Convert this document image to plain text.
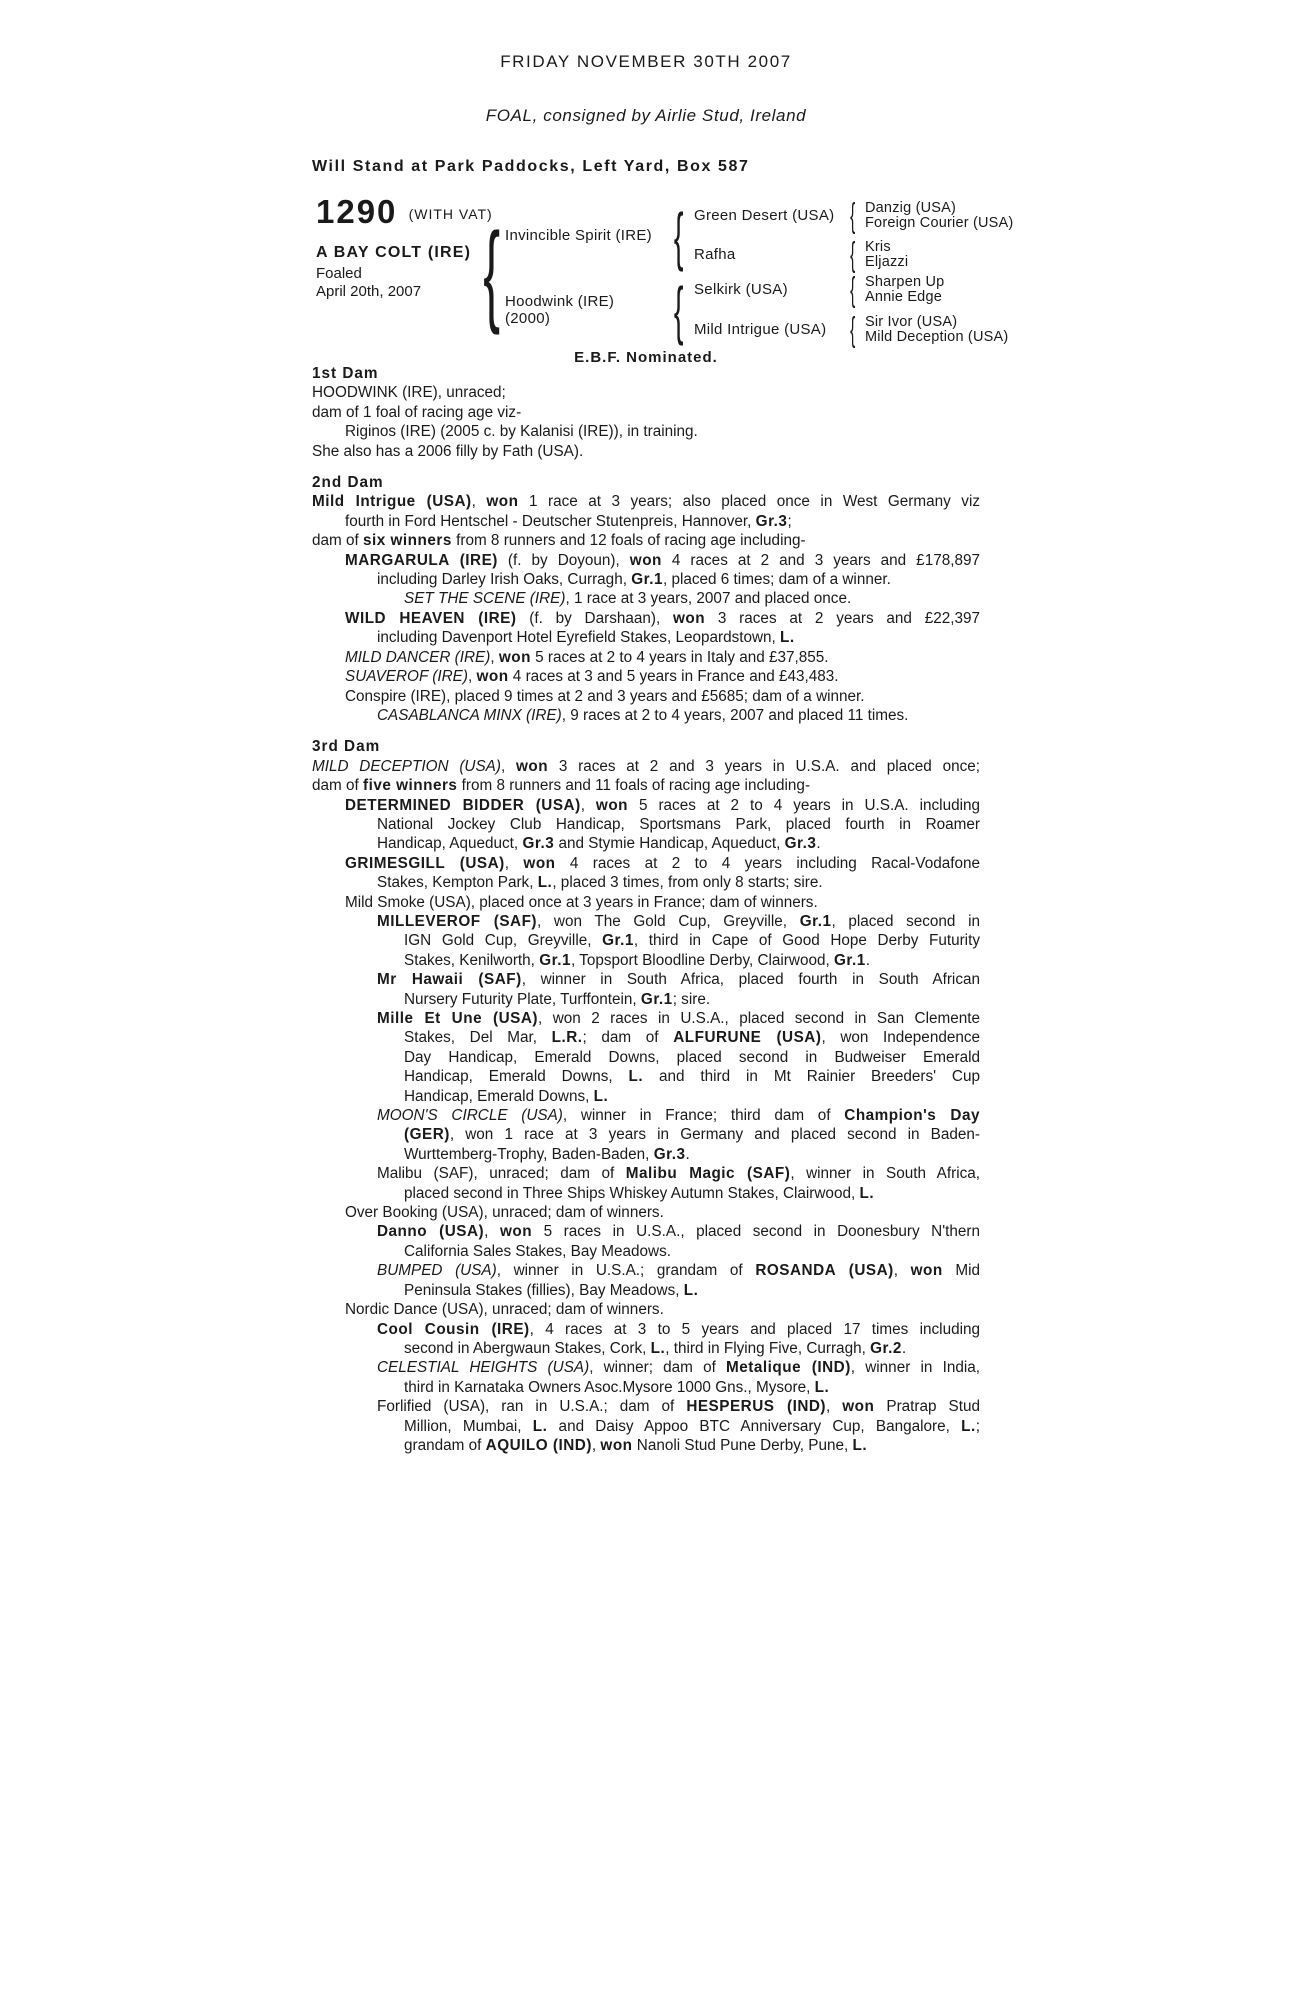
FRIDAY NOVEMBER 30TH 2007
FOAL, consigned by Airlie Stud, Ireland
Will Stand at Park Paddocks, Left Yard, Box 587
1290 (WITH VAT)
A BAY COLT (IRE)
Foaled
April 20th, 2007 { Invincible Spirit (IRE)
Hoodwink (IRE)
(2000)
{
{
Green Desert (USA)
Rafha
Selkirk (USA)
Mild Intrigue (USA)
{
{
{
{
Danzig (USA)
Foreign Courier (USA)
Kris
Eljazzi
Sharpen Up
Annie Edge
Sir Ivor (USA)
Mild Deception (USA)
E.B.F. Nominated.
1st Dam
HOODWINK (IRE), unraced;
dam of 1 foal of racing age viz-
Riginos (IRE) (2005 c. by Kalanisi (IRE)), in training.
She also has a 2006 filly by Fath (USA).
2nd Dam
Mild Intrigue (USA), won 1 race at 3 years; also placed once in West Germany viz
fourth in Ford Hentschel - Deutscher Stutenpreis, Hannover, Gr.3;
dam of six winners from 8 runners and 12 foals of racing age including-
MARGARULA (IRE) (f. by Doyoun), won 4 races at 2 and 3 years and £178,897
including Darley Irish Oaks, Curragh, Gr.1, placed 6 times; dam of a winner.
SET THE SCENE (IRE), 1 race at 3 years, 2007 and placed once.
WILD HEAVEN (IRE) (f. by Darshaan), won 3 races at 2 years and £22,397
including Davenport Hotel Eyrefield Stakes, Leopardstown, L.
MILD DANCER (IRE), won 5 races at 2 to 4 years in Italy and £37,855.
SUAVEROF (IRE), won 4 races at 3 and 5 years in France and £43,483.
Conspire (IRE), placed 9 times at 2 and 3 years and £5685; dam of a winner.
CASABLANCA MINX (IRE), 9 races at 2 to 4 years, 2007 and placed 11 times.
3rd Dam
MILD DECEPTION (USA), won 3 races at 2 and 3 years in U.S.A. and placed once;
dam of five winners from 8 runners and 11 foals of racing age including-
DETERMINED BIDDER (USA), won 5 races at 2 to 4 years in U.S.A. including
National Jockey Club Handicap, Sportsmans Park, placed fourth in Roamer
Handicap, Aqueduct, Gr.3 and Stymie Handicap, Aqueduct, Gr.3.
GRIMESGILL (USA), won 4 races at 2 to 4 years including Racal-Vodafone
Stakes, Kempton Park, L., placed 3 times, from only 8 starts; sire.
Mild Smoke (USA), placed once at 3 years in France; dam of winners.
MILLEVEROF (SAF), won The Gold Cup, Greyville, Gr.1, placed second in
IGN Gold Cup, Greyville, Gr.1, third in Cape of Good Hope Derby Futurity
Stakes, Kenilworth, Gr.1, Topsport Bloodline Derby, Clairwood, Gr.1.
Mr Hawaii (SAF), winner in South Africa, placed fourth in South African
Nursery Futurity Plate, Turffontein, Gr.1; sire.
Mille Et Une (USA), won 2 races in U.S.A., placed second in San Clemente
Stakes, Del Mar, L.R.; dam of ALFURUNE (USA), won Independence
Day Handicap, Emerald Downs, placed second in Budweiser Emerald
Handicap, Emerald Downs, L. and third in Mt Rainier Breeders' Cup
Handicap, Emerald Downs, L.
MOON'S CIRCLE (USA), winner in France; third dam of Champion's Day
(GER), won 1 race at 3 years in Germany and placed second in Baden-
Wurttemberg-Trophy, Baden-Baden, Gr.3.
Malibu (SAF), unraced; dam of Malibu Magic (SAF), winner in South Africa,
placed second in Three Ships Whiskey Autumn Stakes, Clairwood, L.
Over Booking (USA), unraced; dam of winners.
Danno (USA), won 5 races in U.S.A., placed second in Doonesbury N'thern
California Sales Stakes, Bay Meadows.
BUMPED (USA), winner in U.S.A.; grandam of ROSANDA (USA), won Mid
Peninsula Stakes (fillies), Bay Meadows, L.
Nordic Dance (USA), unraced; dam of winners.
Cool Cousin (IRE), 4 races at 3 to 5 years and placed 17 times including
second in Abergwaun Stakes, Cork, L., third in Flying Five, Curragh, Gr.2.
CELESTIAL HEIGHTS (USA), winner; dam of Metalique (IND), winner in India,
third in Karnataka Owners Asoc.Mysore 1000 Gns., Mysore, L.
Forlified (USA), ran in U.S.A.; dam of HESPERUS (IND), won Pratrap Stud
Million, Mumbai, L. and Daisy Appoo BTC Anniversary Cup, Bangalore, L.;
grandam of AQUILO (IND), won Nanoli Stud Pune Derby, Pune, L.
